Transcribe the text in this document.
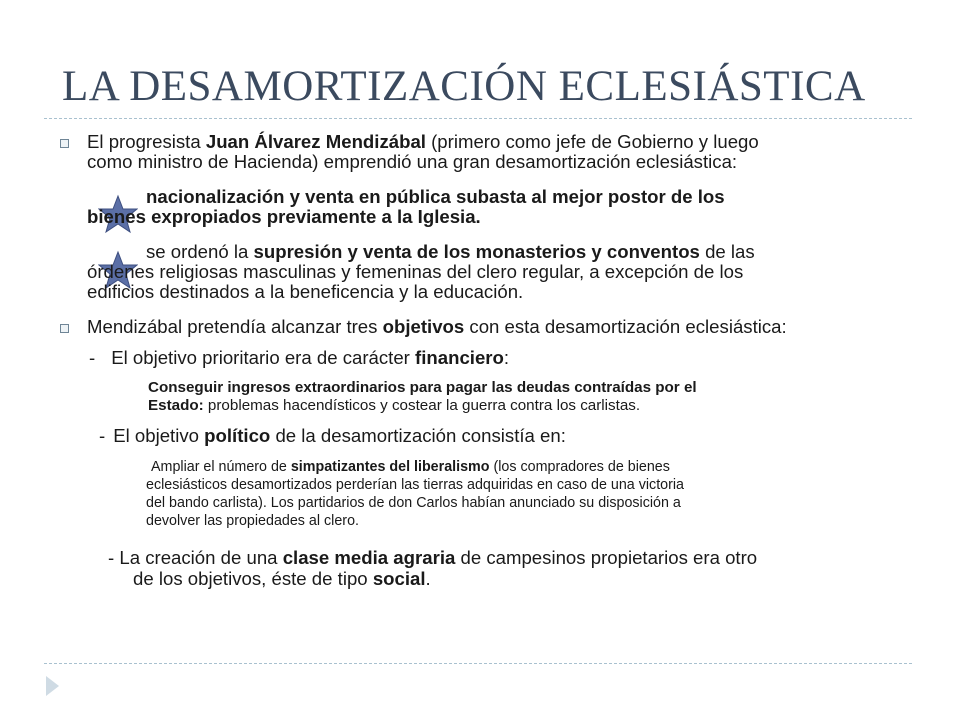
LA DESAMORTIZACIÓN ECLESIÁSTICA

El progresista Juan Álvarez Mendizábal (primero como jefe de Gobierno y luego

como ministro de Hacienda) emprendió una gran desamortización eclesiástica:

nacionalización y venta en pública subasta al mejor postor de los

bienes expropiados previamente a la Iglesia.

se ordenó la supresión y venta de los monasterios y conventos de las

órdenes religiosas masculinas y femeninas del clero regular, a excepción de los

edificios destinados a la beneficencia y la educación.

Mendizábal pretendía alcanzar tres objetivos con esta desamortización eclesiástica:

- El objetivo prioritario era de carácter financiero:

Conseguir ingresos extraordinarios para pagar las deudas contraídas por el

Estado: problemas hacendísticos y costear la guerra contra los carlistas.

- El objetivo político de la desamortización consistía en:

Ampliar el número de simpatizantes del liberalismo (los compradores de bienes

eclesiásticos desamortizados perderían las tierras adquiridas en caso de una victoria

del bando carlista). Los partidarios de don Carlos habían anunciado su disposición a

devolver las propiedades al clero.

- La creación de una clase media agraria de campesinos propietarios era otro

de los objetivos, éste de tipo social.
